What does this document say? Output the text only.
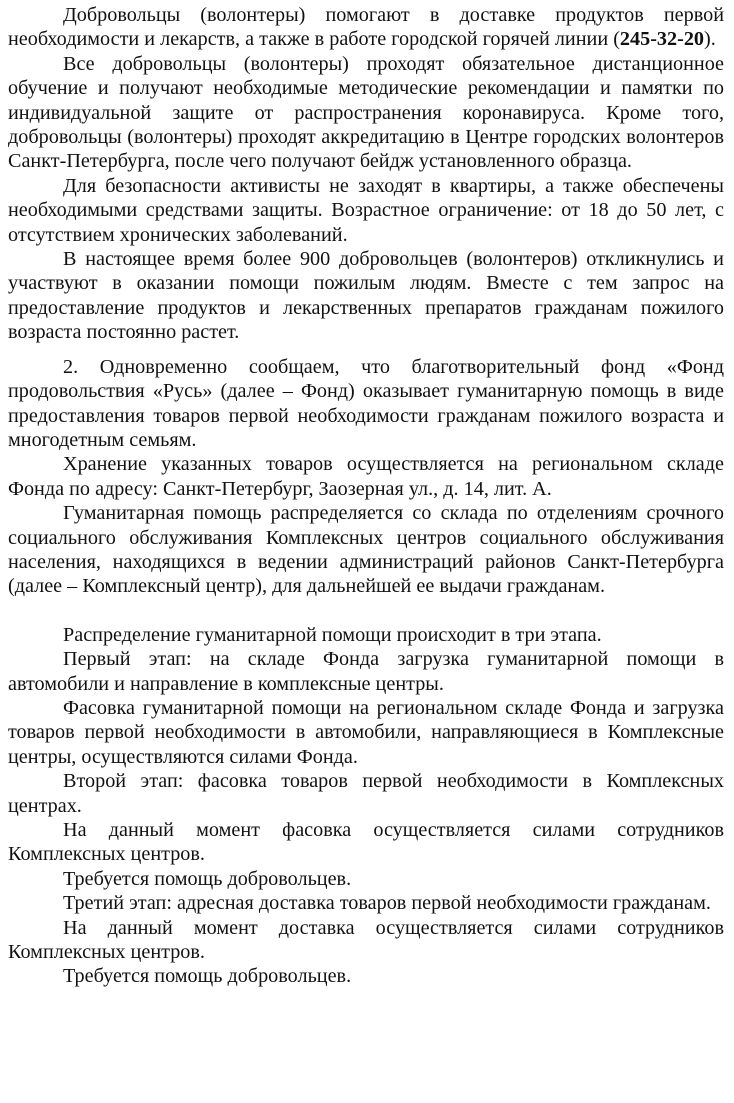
Добровольцы (волонтеры) помогают в доставке продуктов первой необходимости и лекарств, а также в работе городской горячей линии (245-32-20).

Все добровольцы (волонтеры) проходят обязательное дистанционное обучение и получают необходимые методические рекомендации и памятки по индивидуальной защите от распространения коронавируса. Кроме того, добровольцы (волонтеры) проходят аккредитацию в Центре городских волонтеров Санкт-Петербурга, после чего получают бейдж установленного образца.

Для безопасности активисты не заходят в квартиры, а также обеспечены необходимыми средствами защиты. Возрастное ограничение: от 18 до 50 лет, с отсутствием хронических заболеваний.

В настоящее время более 900 добровольцев (волонтеров) откликнулись и участвуют в оказании помощи пожилым людям. Вместе с тем запрос на предоставление продуктов и лекарственных препаратов гражданам пожилого возраста постоянно растет.

2. Одновременно сообщаем, что благотворительный фонд «Фонд продовольствия «Русь» (далее – Фонд) оказывает гуманитарную помощь в виде предоставления товаров первой необходимости гражданам пожилого возраста и многодетным семьям.

Хранение указанных товаров осуществляется на региональном складе Фонда по адресу: Санкт-Петербург, Заозерная ул., д. 14, лит. А.

Гуманитарная помощь распределяется со склада по отделениям срочного социального обслуживания Комплексных центров социального обслуживания населения, находящихся в ведении администраций районов Санкт-Петербурга (далее – Комплексный центр), для дальнейшей ее выдачи гражданам.

Распределение гуманитарной помощи происходит в три этапа.

Первый этап: на складе Фонда загрузка гуманитарной помощи в автомобили и направление в комплексные центры.

Фасовка гуманитарной помощи на региональном складе Фонда и загрузка товаров первой необходимости в автомобили, направляющиеся в Комплексные центры, осуществляются силами Фонда.

Второй этап: фасовка товаров первой необходимости в Комплексных центрах.

На данный момент фасовка осуществляется силами сотрудников Комплексных центров.

Требуется помощь добровольцев.

Третий этап: адресная доставка товаров первой необходимости гражданам.

На данный момент доставка осуществляется силами сотрудников Комплексных центров.

Требуется помощь добровольцев.
